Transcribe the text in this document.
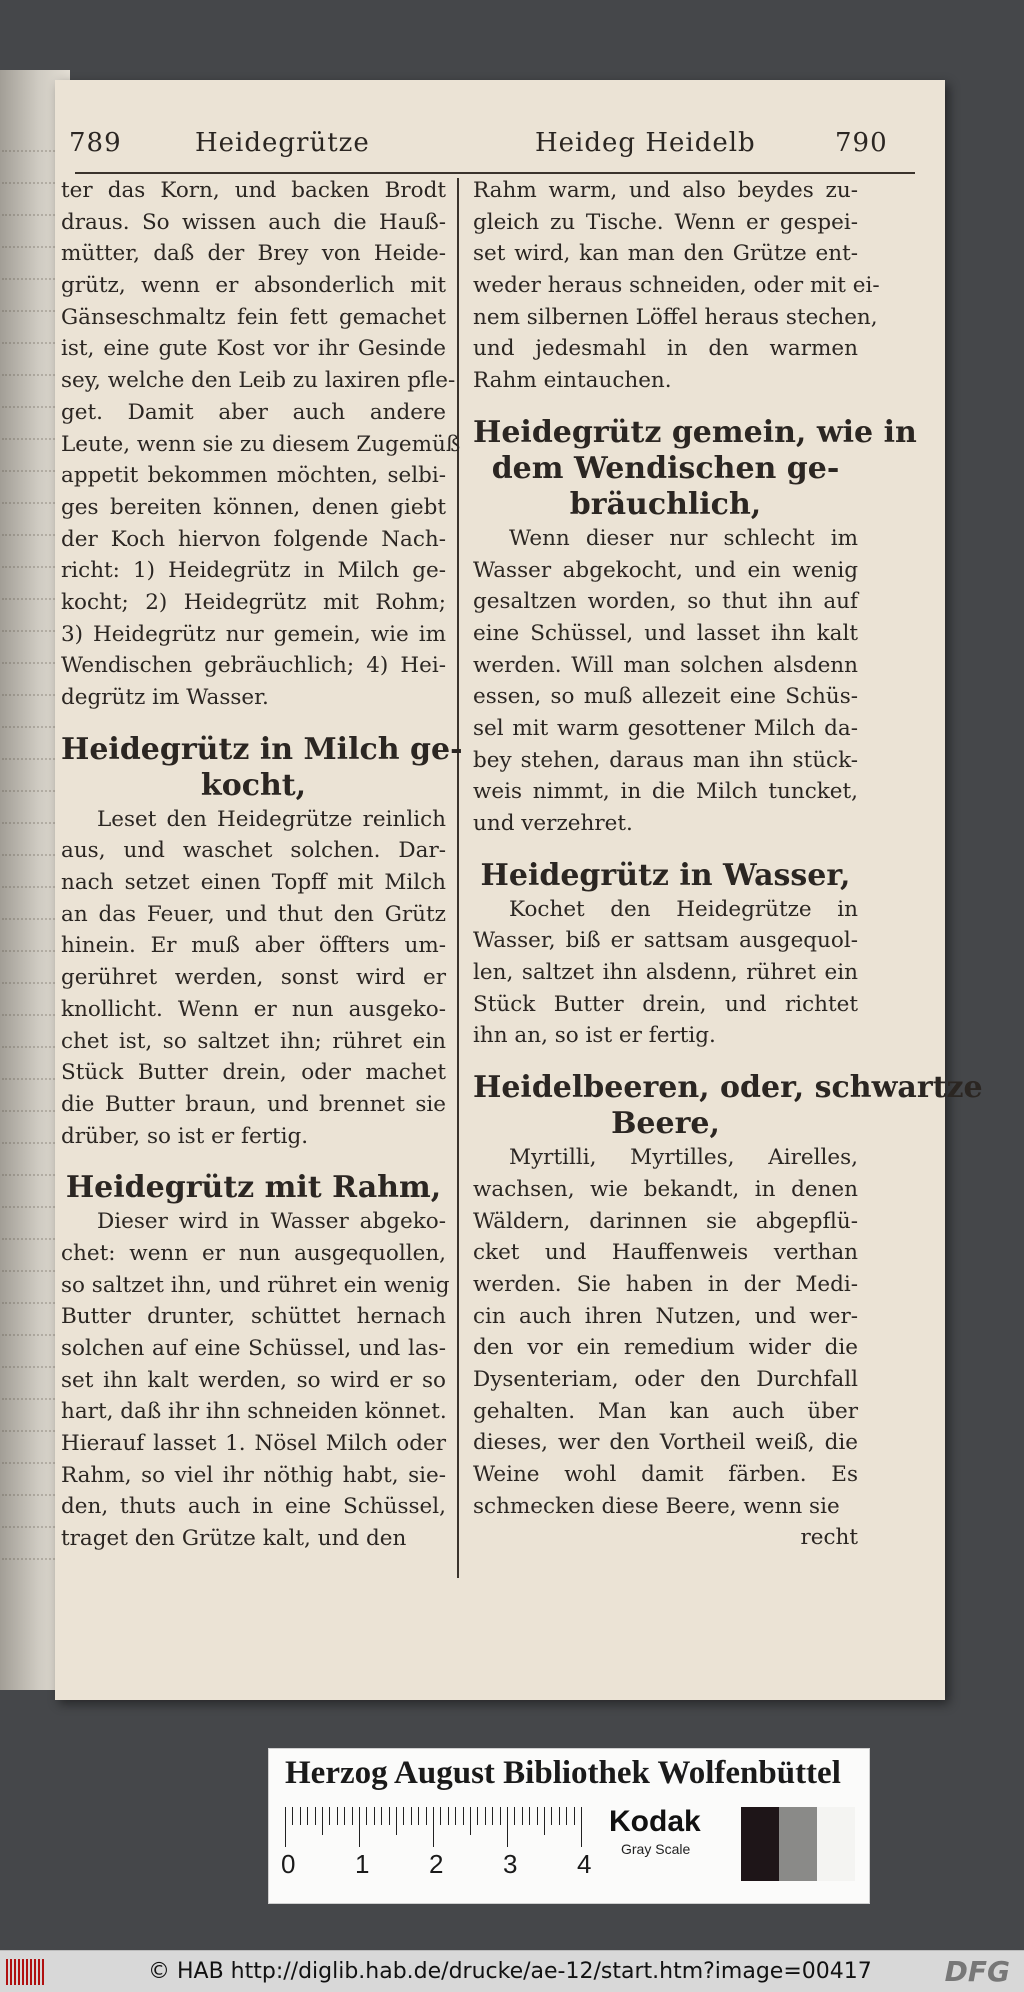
789	Heidegrütze	Heideg Heidelb	790
ter das Korn, und backen Brodt
draus. So wissen auch die Hauß-
mütter, daß der Brey von Heide-
grütz, wenn er absonderlich mit
Gänseschmaltz fein fett gemachet
ist, eine gute Kost vor ihr Gesinde
sey, welche den Leib zu laxiren pfle-
get. Damit aber auch andere
Leute, wenn sie zu diesem Zugemüß
appetit bekommen möchten, selbi-
ges bereiten können, denen giebt
der Koch hiervon folgende Nach-
richt: 1) Heidegrütz in Milch ge-
kocht; 2) Heidegrütz mit Rohm;
3) Heidegrütz nur gemein, wie im
Wendischen gebräuchlich; 4) Hei-
degrütz im Wasser.
Heidegrütz in Milch ge-
kocht,
Leset den Heidegrütze reinlich
aus, und waschet solchen. Dar-
nach setzet einen Topff mit Milch
an das Feuer, und thut den Grütz
hinein. Er muß aber öffters um-
gerühret werden, sonst wird er
knollicht. Wenn er nun ausgeko-
chet ist, so saltzet ihn; rühret ein
Stück Butter drein, oder machet
die Butter braun, und brennet sie
drüber, so ist er fertig.
Heidegrütz mit Rahm,
Dieser wird in Wasser abgeko-
chet: wenn er nun ausgequollen,
so saltzet ihn, und rühret ein wenig
Butter drunter, schüttet hernach
solchen auf eine Schüssel, und las-
set ihn kalt werden, so wird er so
hart, daß ihr ihn schneiden könnet.
Hierauf lasset 1. Nösel Milch oder
Rahm, so viel ihr nöthig habt, sie-
den, thuts auch in eine Schüssel,
traget den Grütze kalt, und den
Rahm warm, und also beydes zu-
gleich zu Tische. Wenn er gespei-
set wird, kan man den Grütze ent-
weder heraus schneiden, oder mit ei-
nem silbernen Löffel heraus stechen,
und jedesmahl in den warmen
Rahm eintauchen.
Heidegrütz gemein, wie in
dem Wendischen ge-
bräuchlich,
Wenn dieser nur schlecht im
Wasser abgekocht, und ein wenig
gesaltzen worden, so thut ihn auf
eine Schüssel, und lasset ihn kalt
werden. Will man solchen alsdenn
essen, so muß allezeit eine Schüs-
sel mit warm gesottener Milch da-
bey stehen, daraus man ihn stück-
weis nimmt, in die Milch tuncket,
und verzehret.
Heidegrütz in Wasser,
Kochet den Heidegrütze in
Wasser, biß er sattsam ausgequol-
len, saltzet ihn alsdenn, rühret ein
Stück Butter drein, und richtet
ihn an, so ist er fertig.
Heidelbeeren, oder, schwartze
Beere,
Myrtilli, Myrtilles, Airelles,
wachsen, wie bekandt, in denen
Wäldern, darinnen sie abgepflü-
cket und Hauffenweis verthan
werden. Sie haben in der Medi-
cin auch ihren Nutzen, und wer-
den vor ein remedium wider die
Dysenteriam, oder den Durchfall
gehalten. Man kan auch über
dieses, wer den Vortheil weiß, die
Weine wohl damit färben. Es
schmecken diese Beere, wenn sie
recht
Herzog August Bibliothek Wolfenbüttel
0 1 2 3 4
Kodak
Gray Scale
© HAB http://diglib.hab.de/drucke/ae-12/start.htm?image=00417	DFG
